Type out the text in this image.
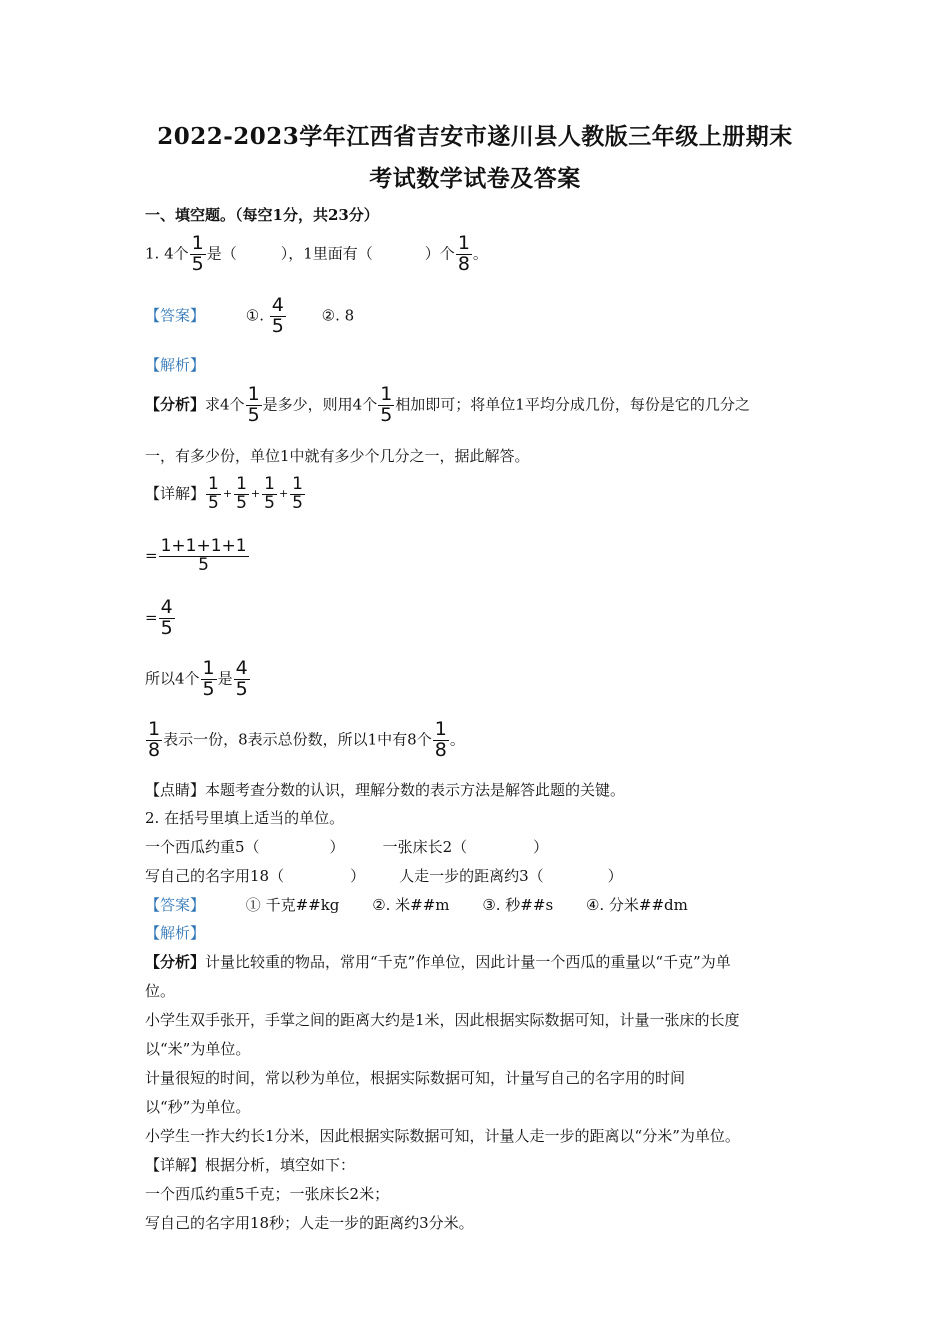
2022-2023学年江西省吉安市遂川县人教版三年级上册期末
考试数学试卷及答案
一、填空题。（每空1分，共23分）
1. 4个 $\frac{1}{5}$ 是（	），1里面有（	）个 $\frac{1}{8}$ 。
【答案】	①. $\frac{4}{5}$ ②. 8
【解析】
【分析】求4个 $\frac{1}{5}$ 是多少，则用4个 $\frac{1}{5}$ 相加即可；将单位1平均分成几份，每份是它的几分之
一，有多少份，单位1中就有多少个几分之一，据此解答。
【详解】 $\frac{1}{5} + \frac{1}{5} + \frac{1}{5} + \frac{1}{5}$
= $\frac{1+1+1+1}{5}$
= $\frac{4}{5}$
所以4个 $\frac{1}{5}$ 是 $\frac{4}{5}$
$\frac{1}{8}$ 表示一份，8表示总份数，所以1中有8个 $\frac{1}{8}$ 。
【点睛】本题考查分数的认识，理解分数的表示方法是解答此题的关键。
2. 在括号里填上适当的单位。
一个西瓜约重5（	）	一张床长2（	）
写自己的名字用18（	） 人走一步的距离约3（	）
【答案】	① 千克##kg ②. 米##m ③. 秒##s ④. 分米##dm
【解析】
【分析】计量比较重的物品，常用“千克”作单位，因此计量一个西瓜的重量以“千克”为单
位。
小学生双手张开，手掌之间的距离大约是1米，因此根据实际数据可知，计量一张床的长度
以“米”为单位。
计量很短的时间，常以秒为单位，根据实际数据可知，计量写自己的名字用的时间
以“秒”为单位。
小学生一拃大约长1分米，因此根据实际数据可知，计量人走一步的距离以“分米”为单位。
【详解】根据分析，填空如下：
一个西瓜约重5千克；一张床长2米；
写自己的名字用18秒；人走一步的距离约3分米。
